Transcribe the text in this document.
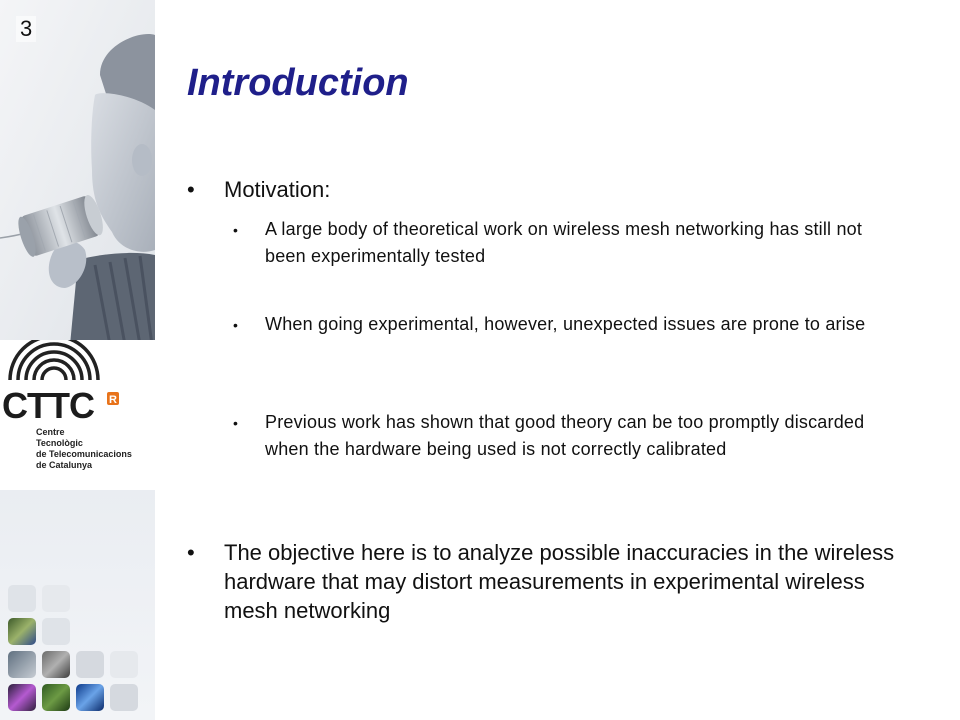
CTTC R
Centre
Tecnològic
de Telecomunicacions
de Catalunya
3
Introduction
• Motivation:
• A large body of theoretical work on wireless mesh networking has still not been experimentally tested
• When going experimental, however, unexpected issues are prone to arise
• Previous work has shown that good theory can be too promptly discarded when the hardware being used is not correctly calibrated
• The objective here is to analyze possible inaccuracies in the wireless hardware that may distort measurements in experimental wireless mesh networking
